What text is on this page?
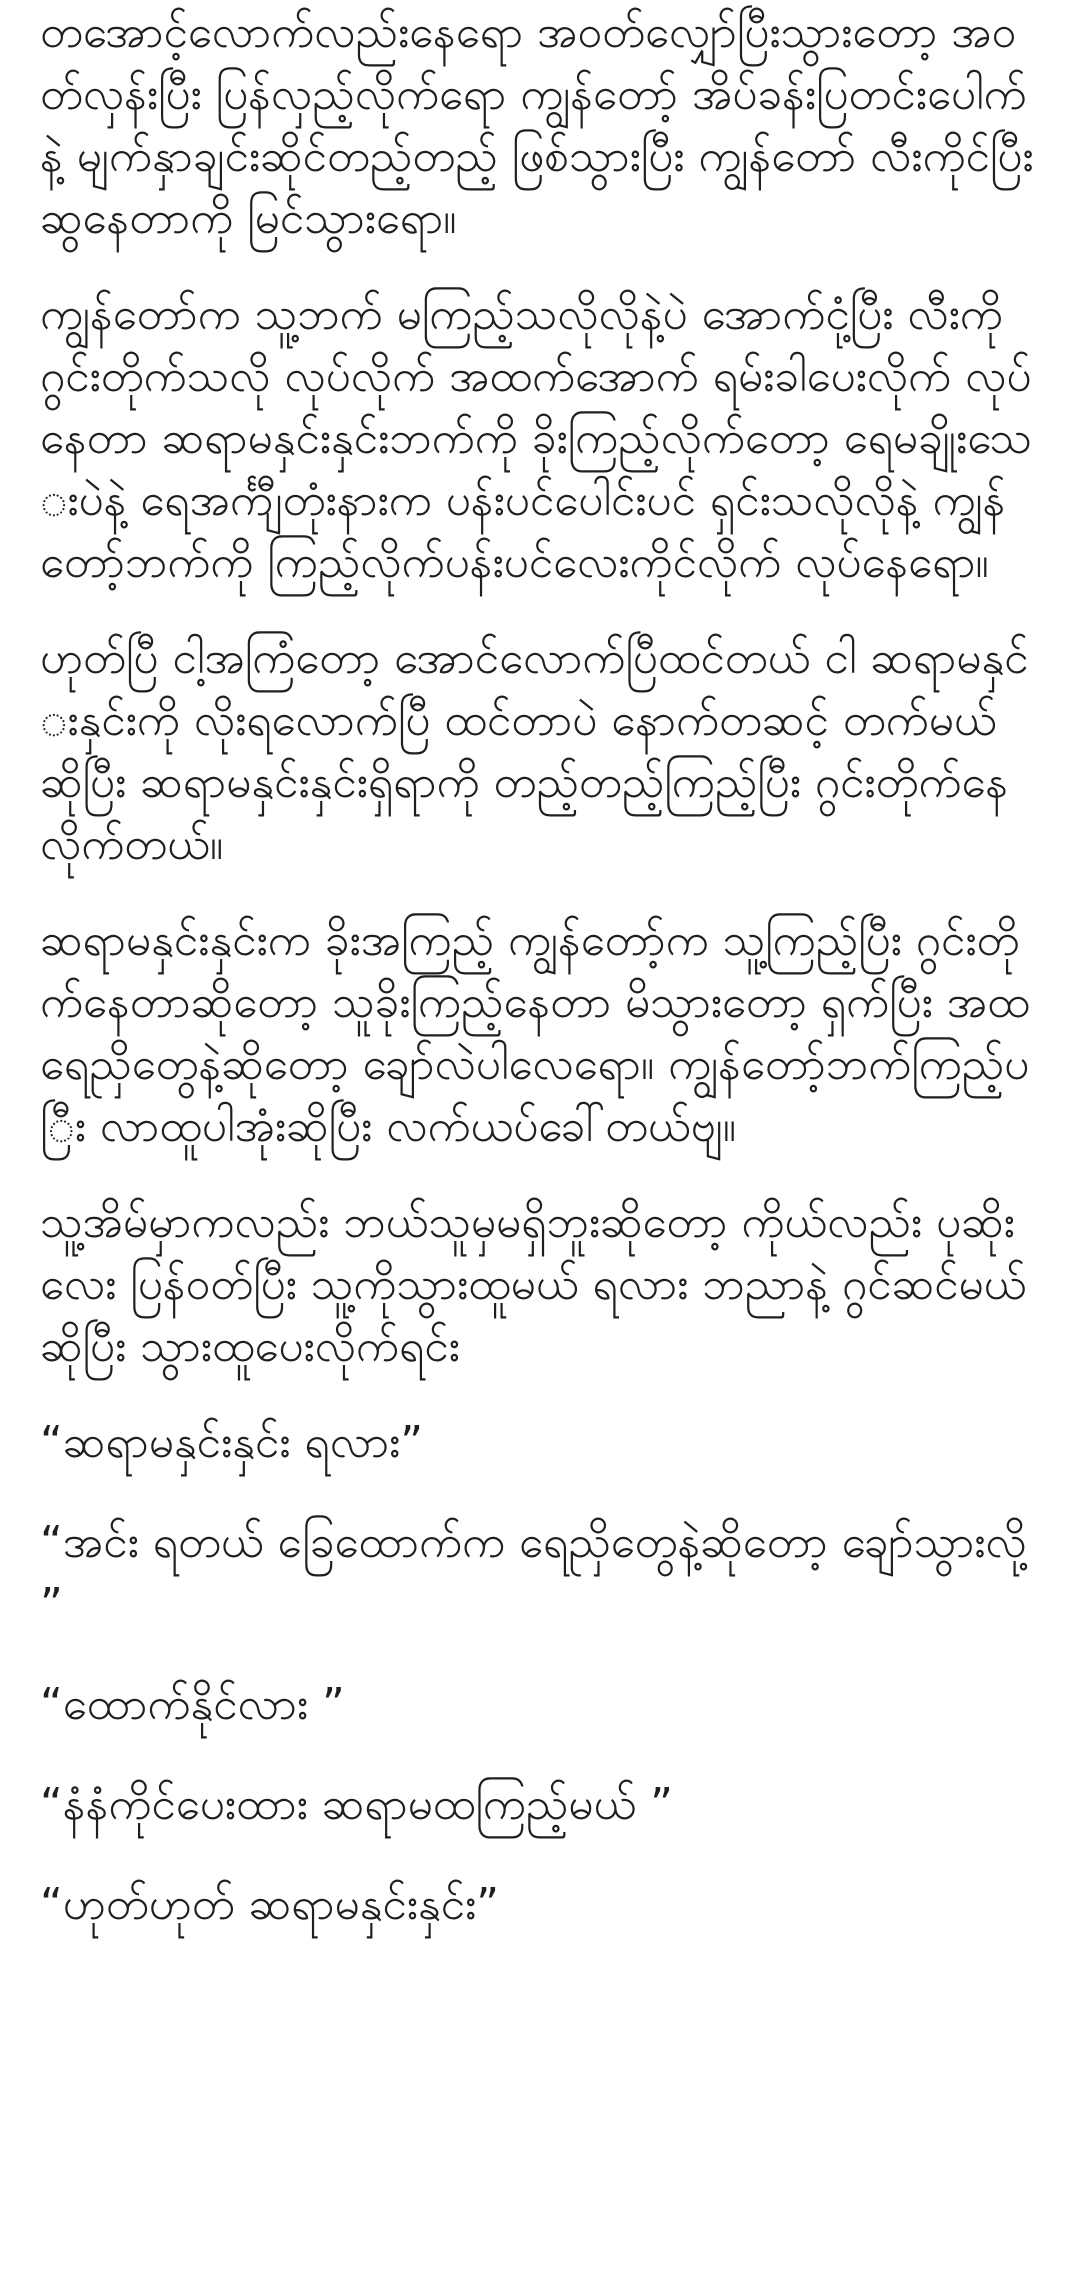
တအောင့်လောက်လည်းနေရော အဝတ်လျှော်ပြီးသွားတော့ အဝတ်လှန်းပြီး ပြန်လှည့်လိုက်ရော ကျွန်တော့် အိပ်ခန်းပြတင်းပေါက်နဲ့ မျက်နှာချင်းဆိုင်တည့်တည့် ဖြစ်သွားပြီး ကျွန်တော် လီးကိုင်ပြီး ဆွနေတာကို မြင်သွားရော။

ကျွန်တော်က သူ့ဘက် မကြည့်သလိုလိုနဲ့ပဲ အောက်ငုံ့ပြီး လီးကို ဂွင်းတိုက်သလို လုပ်လိုက် အထက်အောက် ရမ်းခါပေးလိုက် လုပ်နေတာ ဆရာမနှင်းနှင်းဘက်ကို ခိုးကြည့်လိုက်တော့ ရေမချိုးသေးပဲနဲ့ ရေအင်္ကျီတုံးနားက ပန်းပင်ပေါင်းပင် ရှင်းသလိုလိုနဲ့ ကျွန်တော့်ဘက်ကို ကြည့်လိုက်ပန်းပင်လေးကိုင်လိုက် လုပ်နေရော။

ဟုတ်ပြီ ငါ့အကြံတော့ အောင်လောက်ပြီထင်တယ် ငါ ဆရာမနှင်းနှင်းကို လိုးရလောက်ပြီ ထင်တာပဲ နောက်တဆင့် တက်မယ်ဆိုပြီး ဆရာမနှင်းနှင်းရှိရာကို တည့်တည့်ကြည့်ပြီး ဂွင်းတိုက်နေလိုက်တယ်။

ဆရာမနှင်းနှင်းက ခိုးအကြည့် ကျွန်တော့်က သူ့ကြည့်ပြီး ဂွင်းတိုက်နေတာဆိုတော့ သူခိုးကြည့်နေတာ မိသွားတော့ ရှက်ပြီး အထ ရေညှိတွေနဲ့ဆိုတော့ ချော်လဲပါလေရော။ ကျွန်တော့်ဘက်ကြည့်ပြီး လာထူပါအုံးဆိုပြီး လက်ယပ်ခေါ်တယ်ဗျ။

သူ့အိမ်မှာကလည်း ဘယ်သူမှမရှိဘူးဆိုတော့ ကိုယ်လည်း ပုဆိုးလေး ပြန်ဝတ်ပြီး သူ့ကိုသွားထူမယ် ရလား ဘညာနဲ့ ဂွင်ဆင်မယ်ဆိုပြီး သွားထူပေးလိုက်ရင်း

“ဆရာမနှင်းနှင်း ရလား”

“အင်း ရတယ် ခြေထောက်က ရေညှိတွေနဲ့ဆိုတော့ ချော်သွားလို့ ”

“ထောက်နိုင်လား ”

“နံနံကိုင်ပေးထား ဆရာမထကြည့်မယ် ”

“ဟုတ်ဟုတ် ဆရာမနှင်းနှင်း”
